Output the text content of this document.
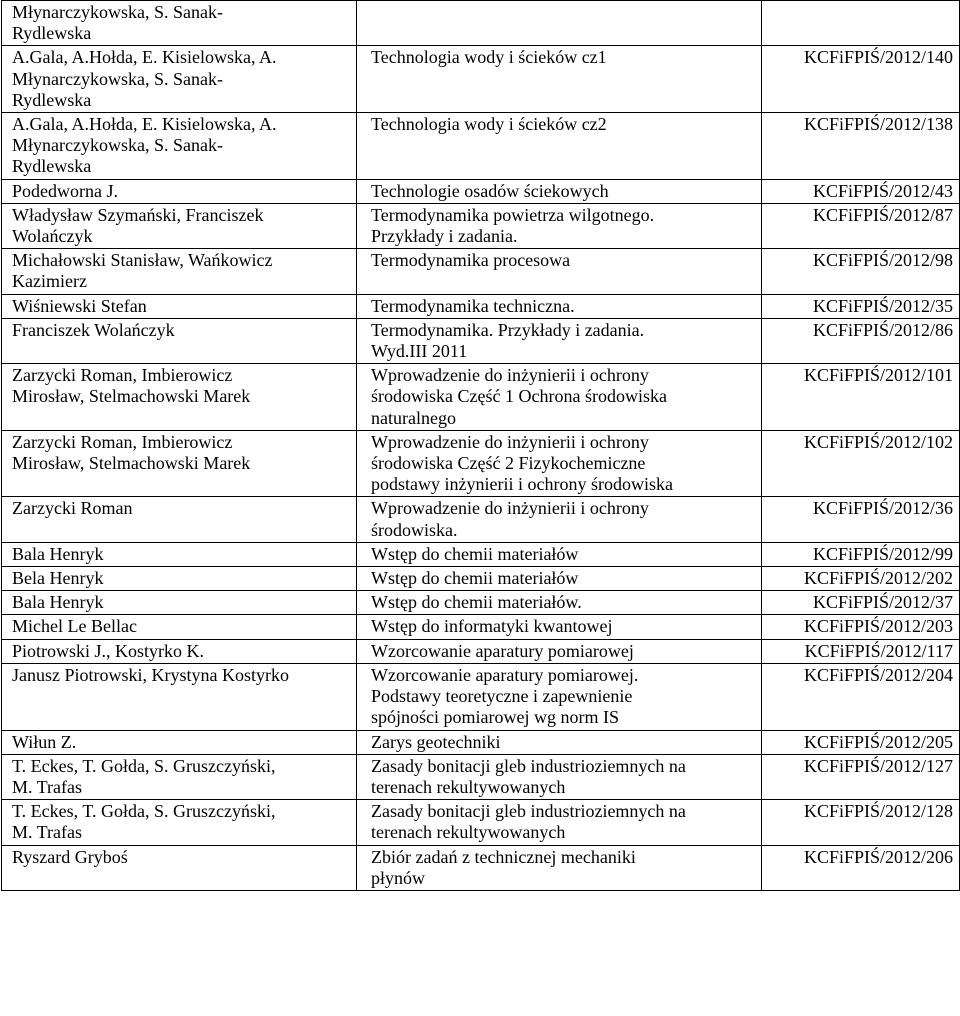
Młynarczykowska, S. Sanak-
Rydlewska		

A.Gala, A.Hołda, E. Kisielowska, A.
Młynarczykowska, S. Sanak-
Rydlewska	Technologia wody i ścieków cz1	KCFiFPIŚ/2012/140

A.Gala, A.Hołda, E. Kisielowska, A.
Młynarczykowska, S. Sanak-
Rydlewska	Technologia wody i ścieków cz2	KCFiFPIŚ/2012/138

Podedworna J.	Technologie osadów ściekowych	KCFiFPIŚ/2012/43

Władysław Szymański, Franciszek
Wolańczyk	Termodynamika powietrza wilgotnego.
Przykłady i zadania.	KCFiFPIŚ/2012/87

Michałowski Stanisław, Wańkowicz
Kazimierz	Termodynamika procesowa	KCFiFPIŚ/2012/98

Wiśniewski Stefan	Termodynamika techniczna.	KCFiFPIŚ/2012/35

Franciszek Wolańczyk	Termodynamika. Przykłady i zadania.
Wyd.III 2011	KCFiFPIŚ/2012/86

Zarzycki Roman, Imbierowicz
Mirosław, Stelmachowski Marek	Wprowadzenie do inżynierii i ochrony
środowiska Część 1 Ochrona środowiska
naturalnego	KCFiFPIŚ/2012/101

Zarzycki Roman, Imbierowicz
Mirosław, Stelmachowski Marek	Wprowadzenie do inżynierii i ochrony
środowiska Część 2 Fizykochemiczne
podstawy inżynierii i ochrony środowiska	KCFiFPIŚ/2012/102

Zarzycki Roman	Wprowadzenie do inżynierii i ochrony
środowiska.	KCFiFPIŚ/2012/36

Bala Henryk	Wstęp do chemii materiałów	KCFiFPIŚ/2012/99

Bela Henryk	Wstęp do chemii materiałów	KCFiFPIŚ/2012/202

Bala Henryk	Wstęp do chemii materiałów.	KCFiFPIŚ/2012/37

Michel Le Bellac	Wstęp do informatyki kwantowej	KCFiFPIŚ/2012/203

Piotrowski J., Kostyrko K.	Wzorcowanie aparatury pomiarowej	KCFiFPIŚ/2012/117

Janusz Piotrowski, Krystyna Kostyrko	Wzorcowanie aparatury pomiarowej.
Podstawy teoretyczne i zapewnienie
spójności pomiarowej wg norm IS	KCFiFPIŚ/2012/204

Wiłun Z.	Zarys geotechniki	KCFiFPIŚ/2012/205

T. Eckes, T. Gołda, S. Gruszczyński,
M. Trafas	Zasady bonitacji gleb industrioziemnych na
terenach rekultywowanych	KCFiFPIŚ/2012/127

T. Eckes, T. Gołda, S. Gruszczyński,
M. Trafas	Zasady bonitacji gleb industrioziemnych na
terenach rekultywowanych	KCFiFPIŚ/2012/128

Ryszard Gryboś	Zbiór zadań z technicznej mechaniki
płynów	KCFiFPIŚ/2012/206
